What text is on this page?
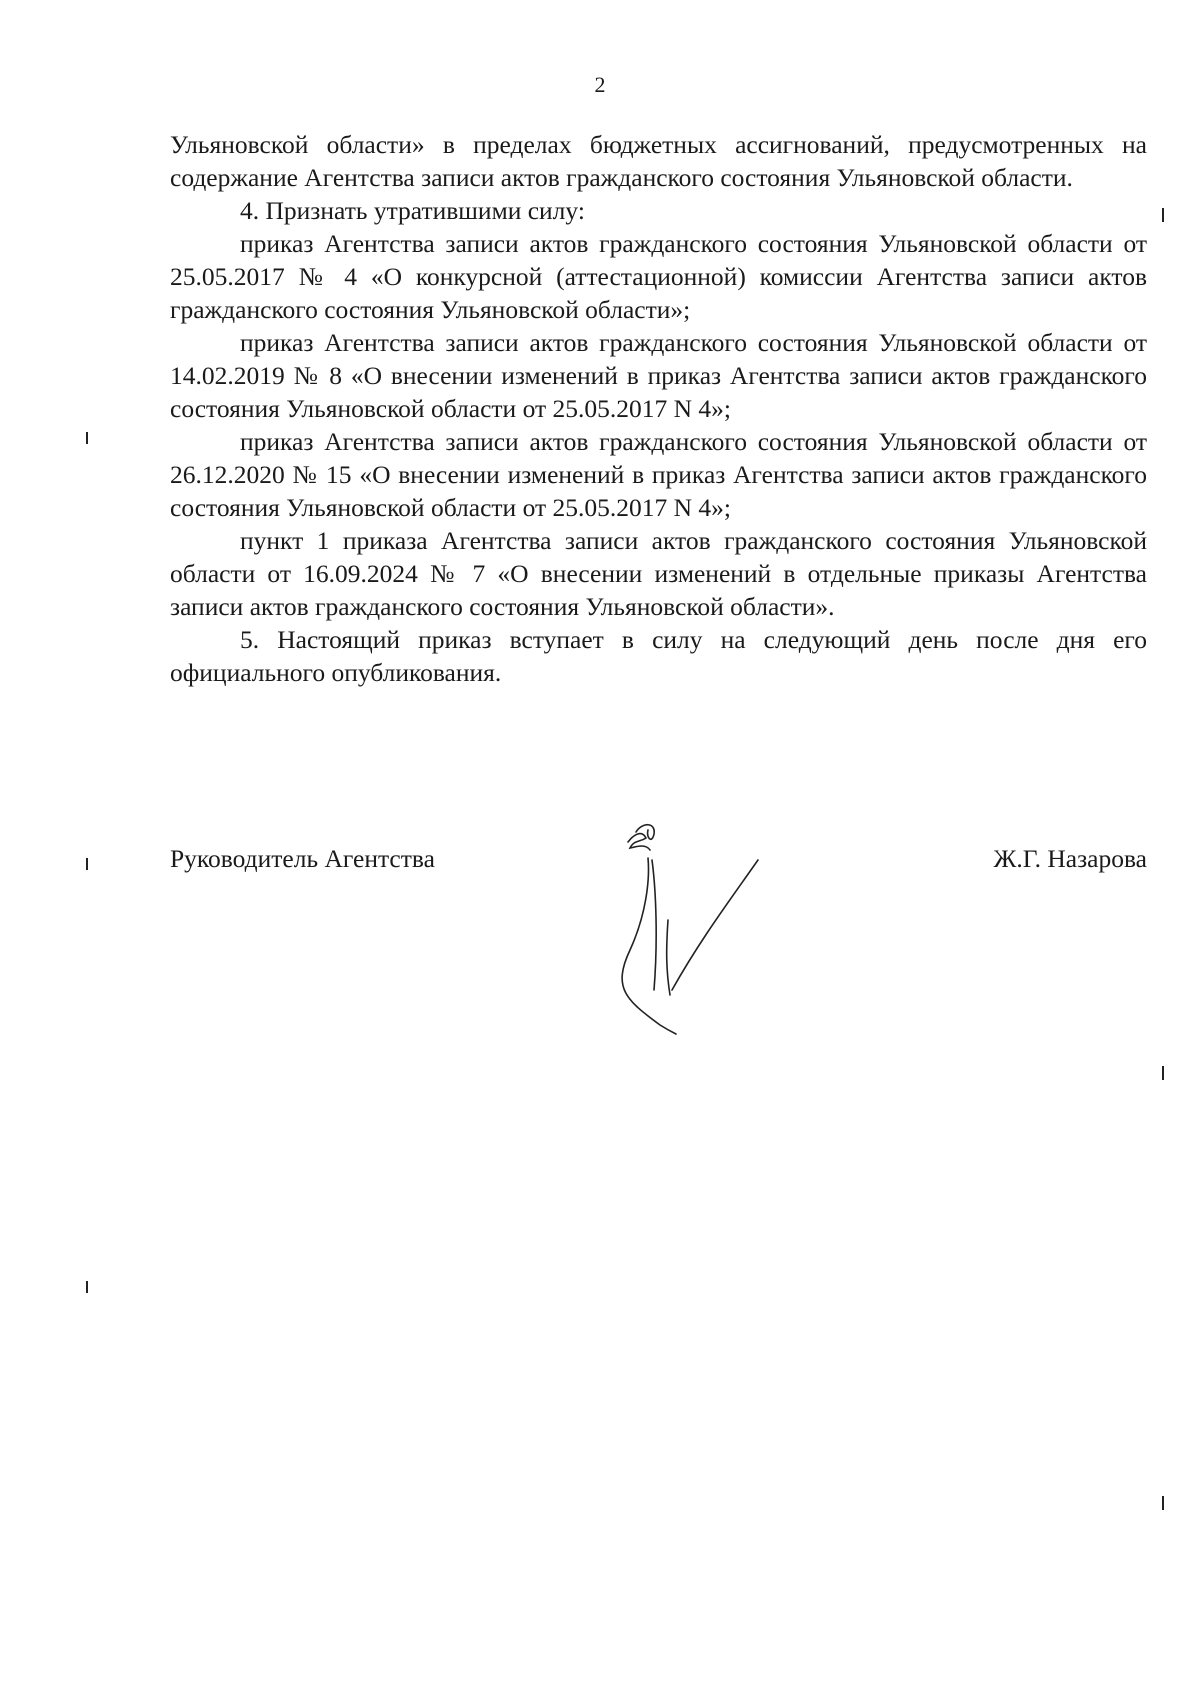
2

Ульяновской области» в пределах бюджетных ассигнований, предусмотренных на содержание Агентства записи актов гражданского состояния Ульяновской области.

4. Признать утратившими силу:

приказ Агентства записи актов гражданского состояния Ульяновской области от 25.05.2017 № 4 «О конкурсной (аттестационной) комиссии Агентства записи актов гражданского состояния Ульяновской области»;

приказ Агентства записи актов гражданского состояния Ульяновской области от 14.02.2019 № 8 «О внесении изменений в приказ Агентства записи актов гражданского состояния Ульяновской области от 25.05.2017 N 4»;

приказ Агентства записи актов гражданского состояния Ульяновской области от 26.12.2020 № 15 «О внесении изменений в приказ Агентства записи актов гражданского состояния Ульяновской области от 25.05.2017 N 4»;

пункт 1 приказа Агентства записи актов гражданского состояния Ульяновской области от 16.09.2024 № 7 «О внесении изменений в отдельные приказы Агентства записи актов гражданского состояния Ульяновской области».

5. Настоящий приказ вступает в силу на следующий день после дня его официального опубликования.

Руководитель Агентства	Ж.Г. Назарова
